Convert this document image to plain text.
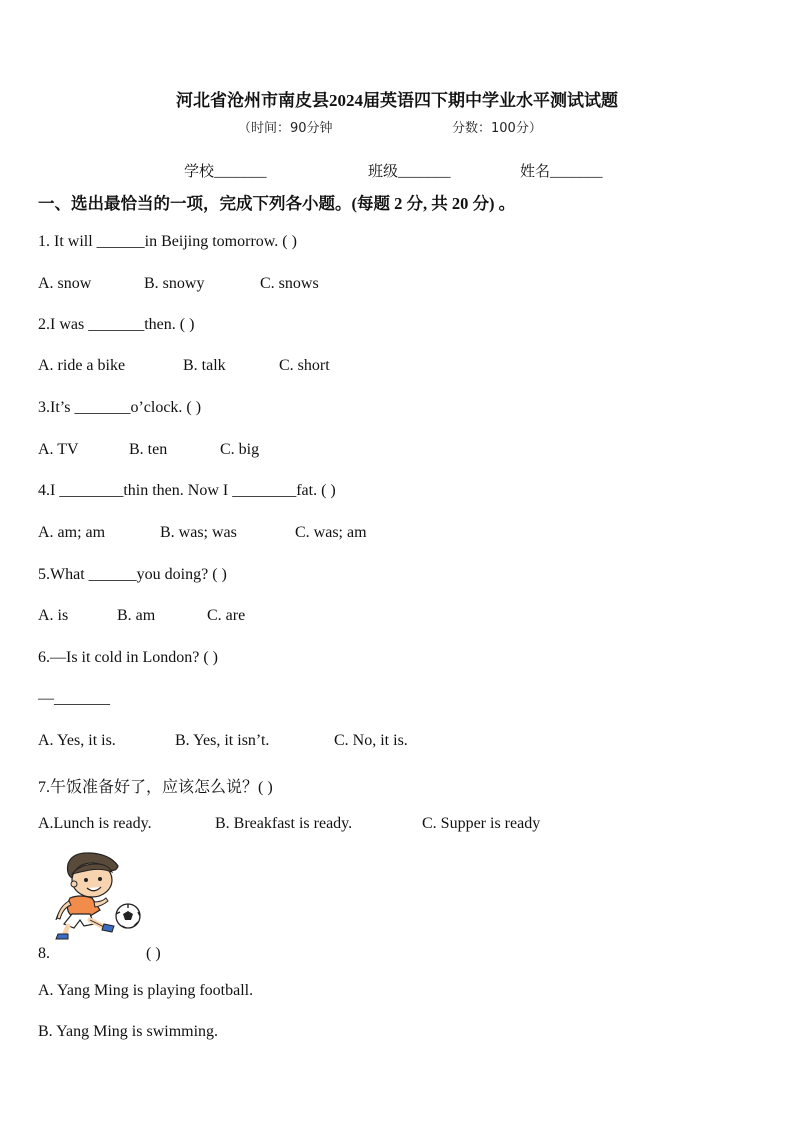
河北省沧州市南皮县2024届英语四下期中学业水平测试试题
（时间：90分钟	分数：100分）
学校_______	班级_______	姓名_______
一、选出最恰当的一项，完成下列各小题。(每题 2 分, 共 20 分) 。
1. It will ______in Beijing tomorrow. ( )
A. snow	B. snowy	C. snows
2.I was _______then. ( )
A. ride a bike	B. talk	C. short
3.It’s _______o’clock. ( )
A. TV	B. ten	C. big
4.I ________thin then. Now I ________fat. ( )
A. am; am	B. was; was	C. was; am
5.What ______you doing? ( )
A. is	B. am	C. are
6.—Is it cold in London? ( )
—_______
A. Yes, it is.	B. Yes, it isn’t.	C. No, it is.
7.午饭准备好了，应该怎么说？( )
A.Lunch is ready.	B. Breakfast is ready.	C. Supper is ready
8.	( )
A. Yang Ming is playing football.
B. Yang Ming is swimming.
